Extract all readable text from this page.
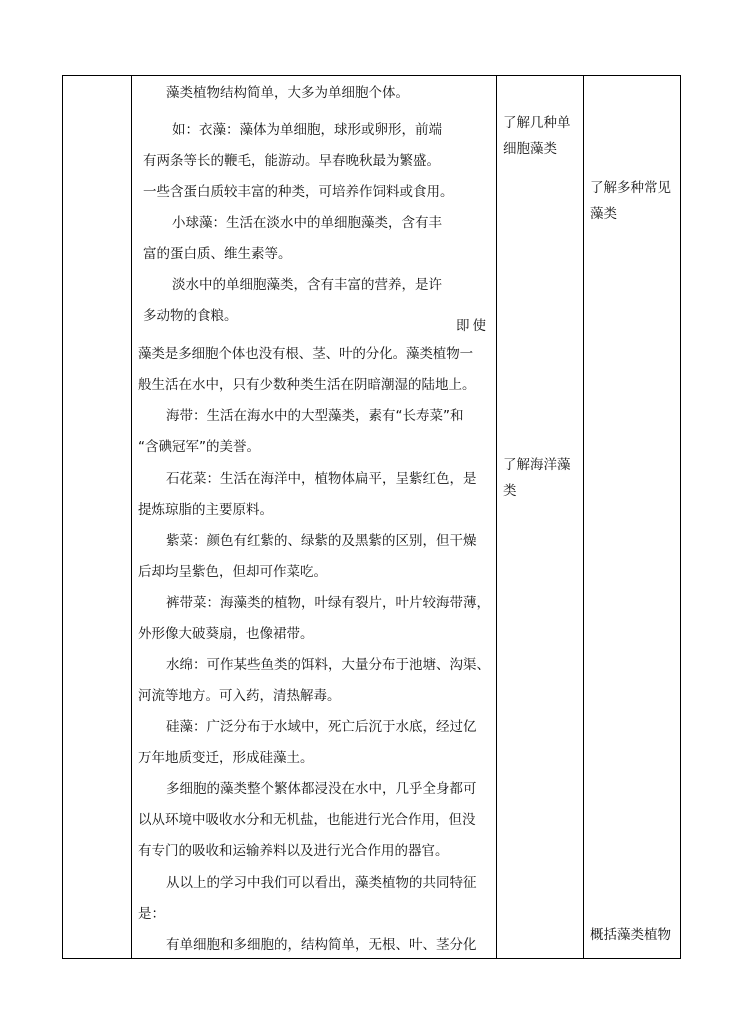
藻类植物结构简单，大多为单细胞个体。
如：衣藻：藻体为单细胞，球形或卵形，前端
有两条等长的鞭毛，能游动。早春晚秋最为繁盛。
一些含蛋白质较丰富的种类，可培养作饲料或食用。
小球藻：生活在淡水中的单细胞藻类，含有丰
富的蛋白质、维生素等。
淡水中的单细胞藻类，含有丰富的营养，是许
多动物的食粮。
即使
藻类是多细胞个体也没有根、茎、叶的分化。藻类植物一
般生活在水中，只有少数种类生活在阴暗潮湿的陆地上。
海带：生活在海水中的大型藻类，素有“长寿菜”和
“含碘冠军”的美誉。
石花菜：生活在海洋中，植物体扁平，呈紫红色，是
提炼琼脂的主要原料。
紫菜：颜色有红紫的、绿紫的及黑紫的区别，但干燥
后却均呈紫色，但却可作菜吃。
裤带菜：海藻类的植物，叶绿有裂片，叶片较海带薄，
外形像大破葵扇，也像裙带。
水绵：可作某些鱼类的饵料，大量分布于池塘、沟渠、
河流等地方。可入药，清热解毒。
硅藻：广泛分布于水域中，死亡后沉于水底，经过亿
万年地质变迁，形成硅藻土。
多细胞的藻类整个繁体都浸没在水中，几乎全身都可
以从环境中吸收水分和无机盐，也能进行光合作用，但没
有专门的吸收和运输养料以及进行光合作用的器官。
从以上的学习中我们可以看出，藻类植物的共同特征
是：
有单细胞和多细胞的，结构简单，无根、叶、茎分化
了解几种单细胞藻类
了解海洋藻类
了解多种常见藻类
概括藻类植物
